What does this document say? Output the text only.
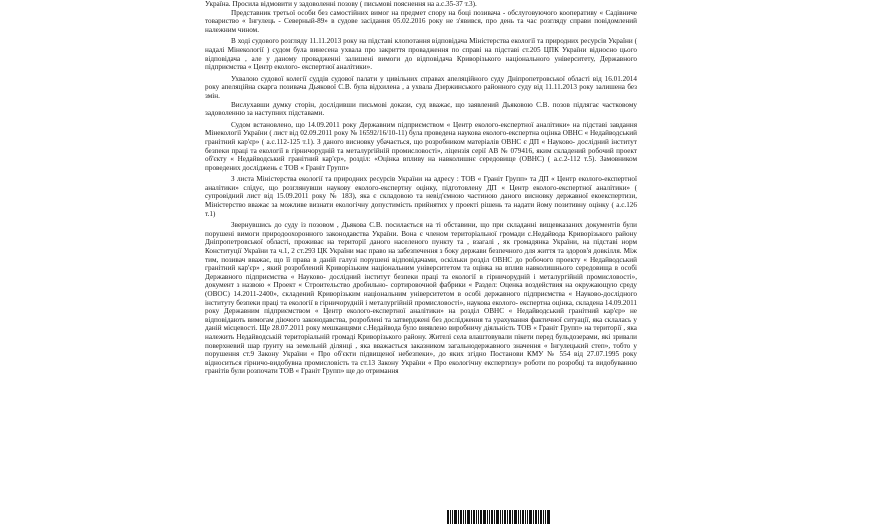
Україна. Просила відмовити у задоволенні позову ( письмові пояснення на а.с.35-37 т.3).

Представник третьої особи без самостійних вимог на предмет спору на боці позивача - обслуговуючого кооперативу « Садівниче товариство « Інгулець - Северный-89» в судове засідання 05.02.2016 року не з'явився, про день та час розгляду справи повідомлений належним чином.

В ході судового розгляду 11.11.2013 року на підставі клопотання відповідача Міністерства екології та природних ресурсів України ( надалі Мінекології ) судом була винесена ухвала про закриття провадження по справі на підставі ст.205 ЦПК України відносно цього відповідача , але у даному провадженні залишені вимоги до відповідача Криворізького національного університету, Державного підприємства « Центр еколого- експертної аналітики».

Ухвалою судової колегії суддів судової палати у цивільних справах апеляційного суду Дніпропетровської області від 16.01.2014 року апеляційна скарга позивача Дьякової С.В. була відхилена , а ухвала Дзержинського районного суду від 11.11.2013 року залишена без змін.

Вислухавши думку сторін, дослідивши письмові докази, суд вважає, що заявлений Дьяковою С.В. позов підлягає частковому задоволенню за наступних підставами.

Судом встановлено, що 14.09.2011 року Державним підприємством « Центр еколого-експертної аналітики» на підставі завдання Мінекології України ( лист від 02.09.2011 року № 16592/16/10-11) була проведена наукова еколого-експертна оцінка ОВНС « Недайводський гранітний кар'єр» ( а.с.112-125 т.1). З даного висновку убачається, що розробником матеріалів ОВНС є ДП « Науково- дослідний інститут безпеки праці та екології в гірничорудній та металургійній промисловості», ліцензія серії АВ № 079416, яким складений робочий проект об'єкту « Недайводський гранітний кар'єр», розділ: «Оцінка впливу на навколишнє середовище (ОВНС) ( а.с.2-112 т.5). Замовником проведених досліджень є ТОВ « Граніт Групп»

З листа Міністерства екології та природних ресурсів України на адресу : ТОВ « Граніт Групп» та ДП « Центр еколого-експертної аналітики» слідує, що розглянувши наукову еколого-експертну оцінку, підготовлену ДП « Центр еколого-експертної аналітики» ( супровідний лист від 15.09.2011 року № 183), яка є складовою та невід'ємною частиною даного висновку державної екоекспертизи, Міністерство вважає за можливе визнати екологічну допустимість прийнятих у проекті рішень та надати йому позитивну оцінку ( а.с.126 т.1)

Звернувшись до суду із позовом , Дьякова С.В. посилається на ті обставини, що при складанні вищевказаних документів були порушені вимоги природоохоронного законодавства України. Вона є членом територіальної громади с.Недайвода Криворізького району Дніпропетровської області, проживає на території даного населеного пункту та , взагалі , як громадянка України, на підставі норм Конституції України та ч.1, 2 ст.293 ЦК України має право на забезпечення з боку держави безпечного для життя та здоров'я довкілля. Між тим, позивач вважає, що її права в даній галузі порушені відповідачами, оскільки розділ ОВНС до робочого проекту « Недайводський гранітний кар'єр» , який розроблений Криворізьким національним університетом та оцінка на вплив навколишнього середовища в особі Державного підприємства « Науково- дослідний інститут безпеки праці та екології в гірничорудній і металургійній промисловості», документ з назвою « Проект « Строительство дробильно- сортировочной фабрики « Раздел: Оценка воздействия на окружающую среду (ОВОС) 14.2011-2400», складений Криворізьким національним університетом в особі державного підприємства « Науково-дослідного інституту безпеки праці та екології в гірничорудній і металургійній промисловості», наукова еколого- експертна оцінка, складена 14.09.2011 року Державним підприємством « Центр еколого-експертної аналітики» на розділ ОВНС « Недайводський гранітний кар'єр» не відповідають вимогам діючого законодавства, розроблені та затверджені без дослідження та урахування фактичної ситуації, яка склалась у даній місцевості. Ще 28.07.2011 року мешканцями с.Недайвода було виявлено виробничу діяльність ТОВ « Граніт Групп» на території , яка належить Недайводській територіальній громаді Криворізького району. Жителі села влаштовували пікети перед бульдозерами, які зривали поверхневий шар ґрунту на земельній ділянці , яка вважається заказником загальнодержавного значення « Інгулецький степ», тобто у порушення ст.9 Закону України « Про об'єкти підвищеної небезпеки», до яких згідно Постанови КМУ № 554 від 27.07.1995 року відноситься гірничо-видобувна промисловість та ст.13 Закону України « Про екологічну експертизу» роботи по розробці та видобуванню гранітів були розпочати ТОВ « Граніт Групп» ще до отримання
